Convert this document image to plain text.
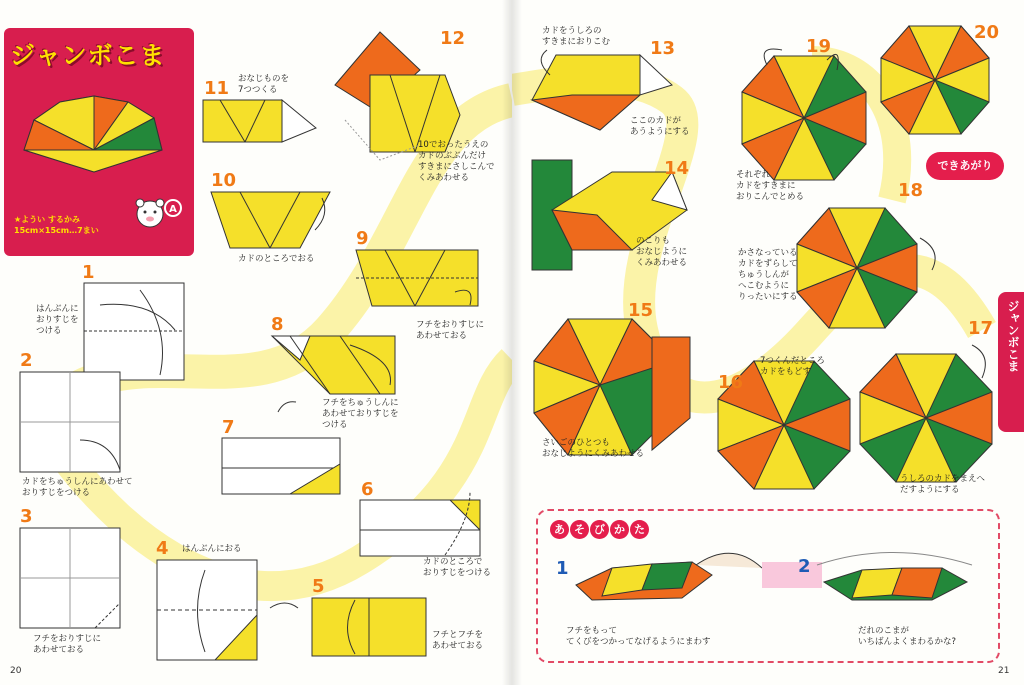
ジャンボこま
A
★ようい するかみ
15cm×15cm…7まい
1
はんぶんに
おりすじを
つける
2
カドをちゅうしんにあわせて
おりすじをつける
3
フチをおりすじに
あわせておる
4 はんぶんにおる
5
フチとフチを
あわせておる
6
カドのところで
おりすじをつける
7
8
フチをちゅうしんに
あわせておりすじを
つける
9
フチをおりすじに
あわせておる
10
カドのところでおる
11 おなじものを
7つつくる
12
10でおったうえの
カドのぶぶんだけ
すきまにさしこんで
くみあわせる
20
13
カドをうしろの
すきまにおりこむ
ここのカドが
あうようにする
14
のこりも
おなじように
くみあわせる
15
さいごのひとつも
おなじようにくみあわせる
16
7つくんだところ
カドをもどす
17
うしろのカドをまえへ
だすようにする
18
かさなっている
カドをずらして
ちゅうしんが
へこむように
りったいにする
19
それぞれ
カドをすきまに
おりこんでとめる
20
21
できあがり
ジャンボこま
あ そ び か た
1
フチをもって
てくびをつかってなげるようにまわす
2
だれのこまが
いちばんよくまわるかな?
